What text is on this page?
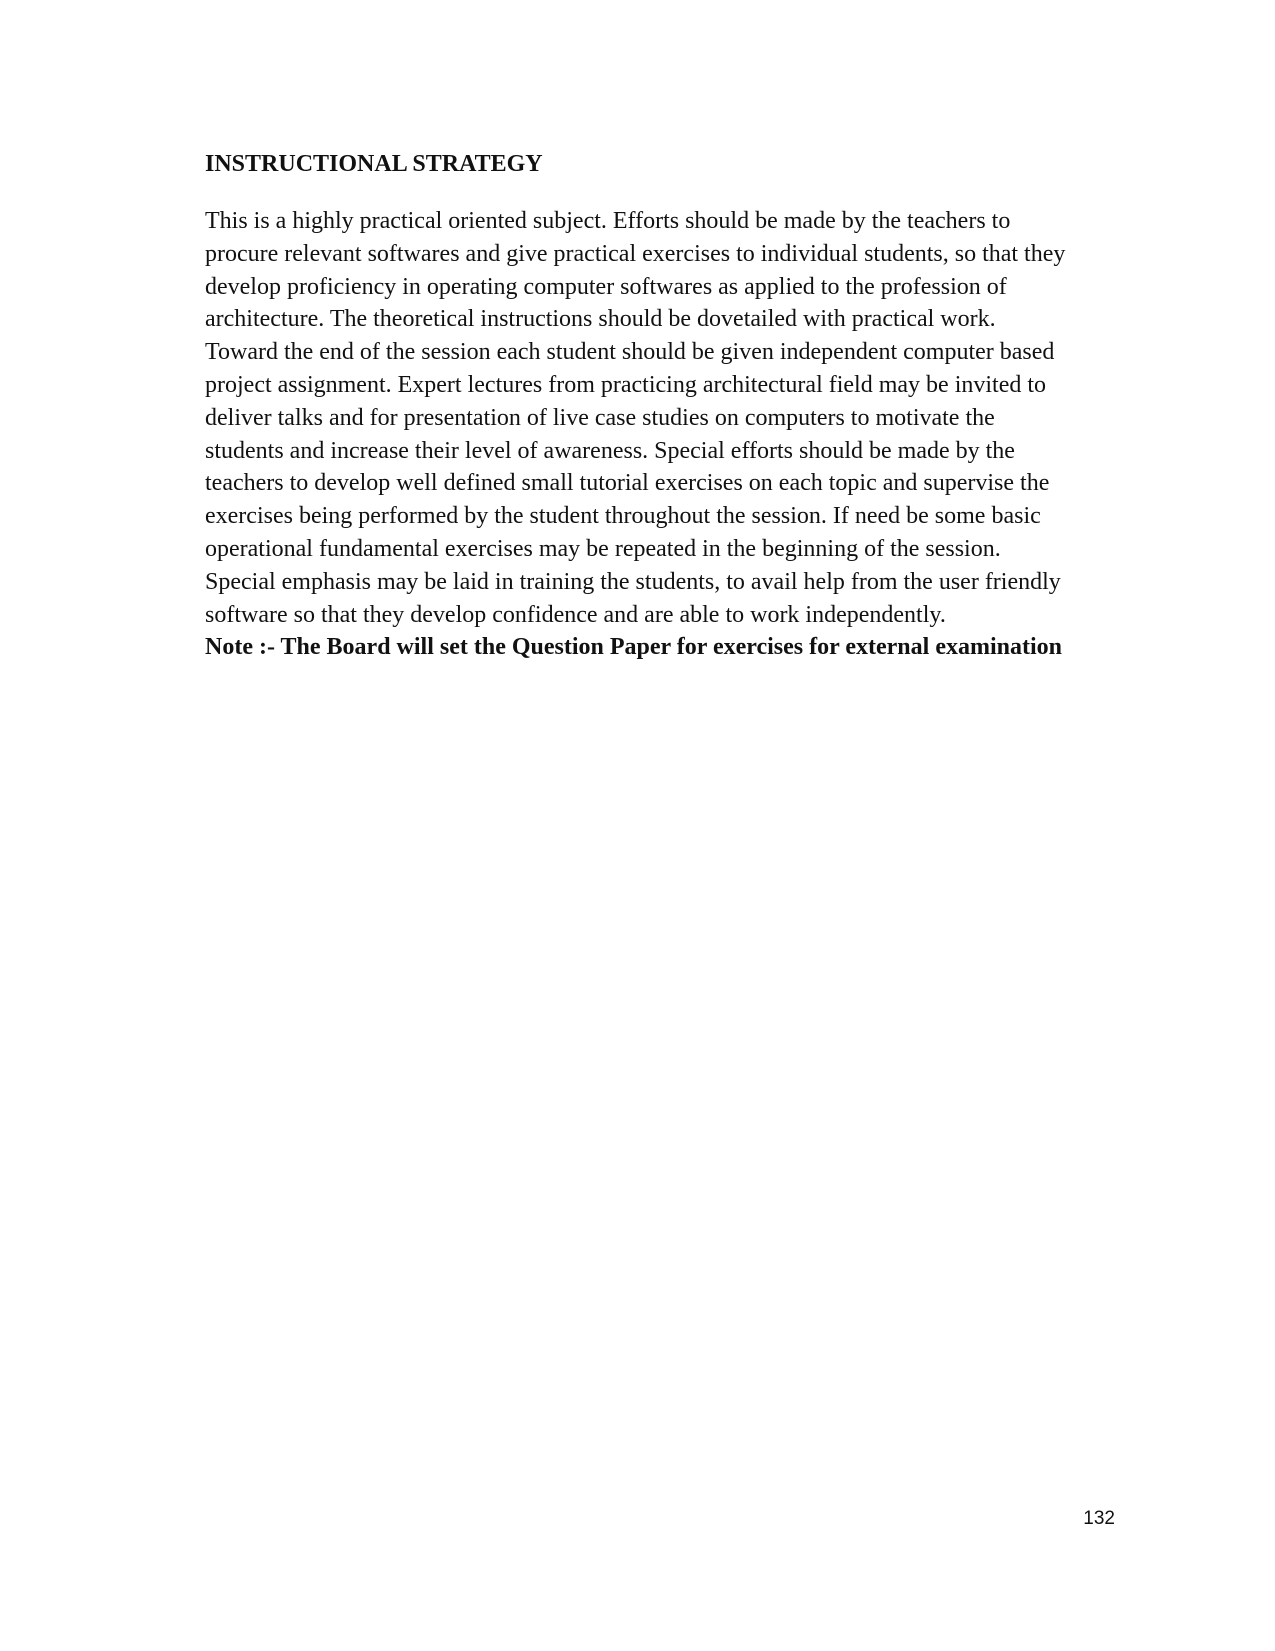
INSTRUCTIONAL STRATEGY
This is a highly practical oriented subject. Efforts should be made by the teachers to
procure relevant softwares and give practical exercises to individual students, so that they
develop proficiency in operating computer softwares as applied to the profession of
architecture. The theoretical instructions should be dovetailed with practical work.
Toward the end of the session each student should be given independent computer based
project assignment. Expert lectures from practicing architectural field may be invited to
deliver talks and for presentation of live case studies on computers to motivate the
students and increase their level of awareness. Special efforts should be made by the
teachers to develop well defined small tutorial exercises on each topic and supervise the
exercises being performed by the student throughout the session. If need be some basic
operational fundamental exercises may be repeated in the beginning of the session.
Special emphasis may be laid in training the students, to avail help from the user friendly
software so that they develop confidence and are able to work independently.
Note :- The Board will set the Question Paper for exercises for external examination
132
